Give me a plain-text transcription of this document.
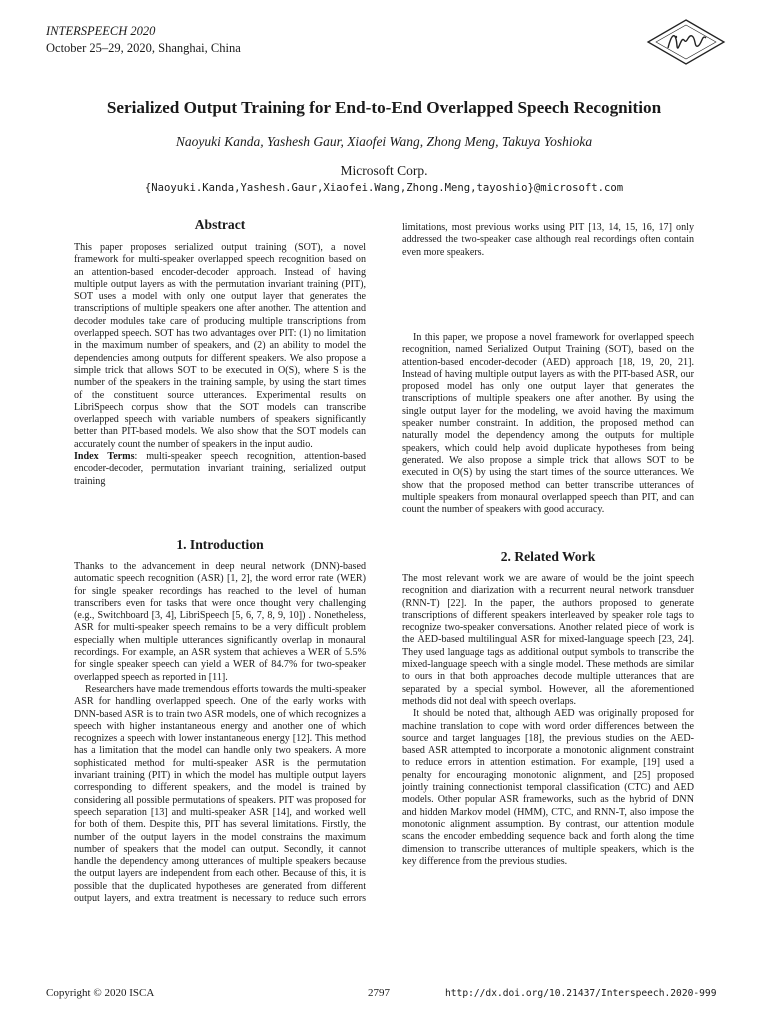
INTERSPEECH 2020
October 25–29, 2020, Shanghai, China
Serialized Output Training for End-to-End Overlapped Speech Recognition
Naoyuki Kanda, Yashesh Gaur, Xiaofei Wang, Zhong Meng, Takuya Yoshioka
Microsoft Corp.
{Naoyuki.Kanda,Yashesh.Gaur,Xiaofei.Wang,Zhong.Meng,tayoshio}@microsoft.com
Abstract

This paper proposes serialized output training (SOT), a novel framework for multi-speaker overlapped speech recognition based on an attention-based encoder-decoder approach. Instead of having multiple output layers as with the permutation invariant training (PIT), SOT uses a model with only one output layer that generates the transcriptions of multiple speakers one after another. The attention and decoder modules take care of producing multiple transcriptions from overlapped speech. SOT has two advantages over PIT: (1) no limitation in the maximum number of speakers, and (2) an ability to model the dependencies among outputs for different speakers. We also propose a simple trick that allows SOT to be executed in O(S), where S is the number of the speakers in the training sample, by using the start times of the constituent source utterances. Experimental results on LibriSpeech corpus show that the SOT models can transcribe overlapped speech with variable numbers of speakers significantly better than PIT-based models. We also show that the SOT models can accurately count the number of speakers in the input audio.

Index Terms: multi-speaker speech recognition, attention-based encoder-decoder, permutation invariant training, serialized output training

1. Introduction

Thanks to the advancement in deep neural network (DNN)-based automatic speech recognition (ASR) [1, 2], the word error rate (WER) for single speaker recordings has reached to the level of human transcribers even for tasks that were once thought very challenging (e.g., Switchboard [3, 4], LibriSpeech [5, 6, 7, 8, 9, 10]) . Nonetheless, ASR for multi-speaker speech remains to be a very difficult problem especially when multiple utterances significantly overlap in monaural recordings. For example, an ASR system that achieves a WER of 5.5% for single speaker speech can yield a WER of 84.7% for two-speaker overlapped speech as reported in [11].

Researchers have made tremendous efforts towards the multi-speaker ASR for handling overlapped speech. One of the early works with DNN-based ASR is to train two ASR models, one of which recognizes a speech with higher instantaneous energy and another one of which recognizes a speech with lower instantaneous energy [12]. This method has a limitation that the model can handle only two speakers. A more sophisticated method for multi-speaker ASR is the permutation invariant training (PIT) in which the model has multiple output layers corresponding to different speakers, and the model is trained by considering all possible permutations of speakers. PIT was proposed for speech separation [13] and multi-speaker ASR [14], and worked well for both of them. Despite this, PIT has several limitations. Firstly, the number of the output layers in the model constrains the maximum number of speakers that the model can output. Secondly, it cannot handle the dependency among utterances of multiple speakers because the output layers are independent from each other. Because of this, it is possible that the duplicated hypotheses are generated from different output layers, and extra treatment is necessary to reduce such errors

limitations, most previous works using PIT [13, 14, 15, 16, 17] only addressed the two-speaker case although real recordings often contain even more speakers.

In this paper, we propose a novel framework for overlapped speech recognition, named Serialized Output Training (SOT), based on the attention-based encoder-decoder (AED) approach [18, 19, 20, 21]. Instead of having multiple output layers as with the PIT-based ASR, our proposed model has only one output layer that generates the transcriptions of multiple speakers one after another. By using the single output layer for the modeling, we avoid having the maximum speaker number constraint. In addition, the proposed method can naturally model the dependency among the outputs for multiple speakers, which could help avoid duplicate hypotheses from being generated. We also propose a simple trick that allows SOT to be executed in O(S) by using the start times of the source utterances. We show that the proposed method can better transcribe utterances of multiple speakers from monaural overlapped speech than PIT, and can count the number of speakers with good accuracy.

2. Related Work

The most relevant work we are aware of would be the joint speech recognition and diarization with a recurrent neural network transduer (RNN-T) [22]. In the paper, the authors proposed to generate transcriptions of different speakers interleaved by speaker role tags to recognize two-speaker conversations. Another related piece of work is the AED-based multilingual ASR for mixed-language speech [23, 24]. They used language tags as additional output symbols to transcribe the mixed-language speech with a single model. These methods are similar to ours in that both approaches decode multiple utterances that are separated by a special symbol. However, all the aforementioned methods did not deal with speech overlaps.

It should be noted that, although AED was originally proposed for machine translation to cope with word order differences between the source and target languages [18], the previous studies on the AED-based ASR attempted to incorporate a monotonic alignment constraint to reduce errors in attention estimation. For example, [19] used a penalty for encouraging monotonic alignment, and [25] proposed jointly training connectionist temporal classification (CTC) and AED models. Other popular ASR frameworks, such as the hybrid of DNN and hidden Markov model (HMM), CTC, and RNN-T, also impose the monotonic alignment assumption. By contrast, our attention module scans the encoder embedding sequence back and forth along the time dimension to transcribe utterances of multiple speakers, which is the key difference from the previous studies.

Copyright © 2020 ISCA	2797	http://dx.doi.org/10.21437/Interspeech.2020-999
